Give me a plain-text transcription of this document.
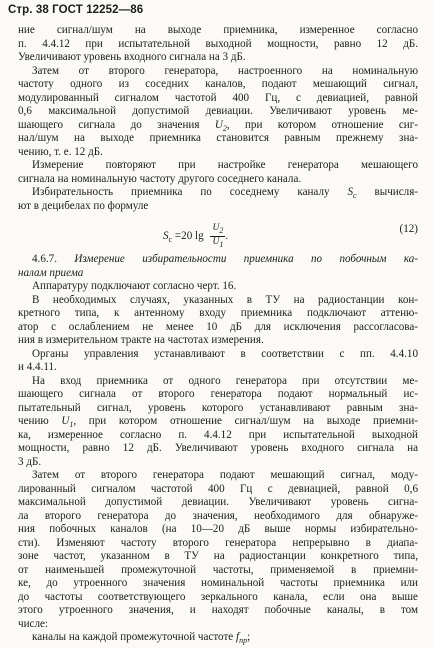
Стр. 38 ГОСТ 12252—86
ние сигнал/шум на выходе приемника, измеренное согласно
п. 4.4.12 при испытательной выходной мощности, равно 12 дБ.
Увеличивают уровень входного сигнала на 3 дБ.
Затем от второго генератора, настроенного на номинальную
частоту одного из соседних каналов, подают мешающий сигнал,
модулированный сигналом частотой 400 Гц, с девиацией, равной
0,6 максимальной допустимой девиации. Увеличивают уровень ме-
шающего сигнала до значения $U_2$, при котором отношение сиг-
нал/шум на выходе приемника становится равным прежнему зна-
чению, т. е. 12 дБ.
Измерение повторяют при настройке генератора мешающего
сигнала на номинальную частоту другого соседнего канала.
Избирательность приемника по соседнему каналу $S_с$ вычисля-
ют в децибелах по формуле
$S_c =20$ $\lg \frac{U_2}{U_1}$ .
(12)
4.6.7. Измерение избирательности приемника по побочным ка-
налам приема
Аппаратуру подключают согласно черт. 16.
В необходимых случаях, указанных в ТУ на радиостанции кон-
кретного типа, к антенному входу приемника подключают аттеню-
атор с ослаблением не менее 10 дБ для исключения рассогласова-
ния в измерительном тракте на частотах измерения.
Органы управления устанавливают в соответствии с пп. 4.4.10
и 4.4.11.
На вход приемника от одного генератора при отсутствии ме-
шающего сигнала от второго генератора подают нормальный ис-
пытательный сигнал, уровень которого устанавливают равным зна-
чению $U_1$, при котором отношение сигнал/шум на выходе приемни-
ка, измеренное согласно п. 4.4.12 при испытательной выходной
мощности, равно 12 дБ. Увеличивают уровень входного сигнала на
3 дБ.
Затем от второго генератора подают мешающий сигнал, моду-
лированный сигналом частотой 400 Гц с девиацией, равной 0,6
максимальной допустимой девиации. Увеличивают уровень сигна-
ла второго генератора до значения, необходимого для обнаруже-
ния побочных каналов (на 10—20 дБ выше нормы избирательно-
сти). Изменяют частоту второго генератора непрерывно в диапа-
зоне частот, указанном в ТУ на радиостанции конкретного типа,
от наименьшей промежуточной частоты, применяемой в приемни-
ке, до утроенного значения номинальной частоты приемника или
до частоты соответствующего зеркального канала, если она выше
этого утроенного значения, и находят побочные каналы, в том
числе:
каналы на каждой промежуточной частоте $f_{пр}$;
